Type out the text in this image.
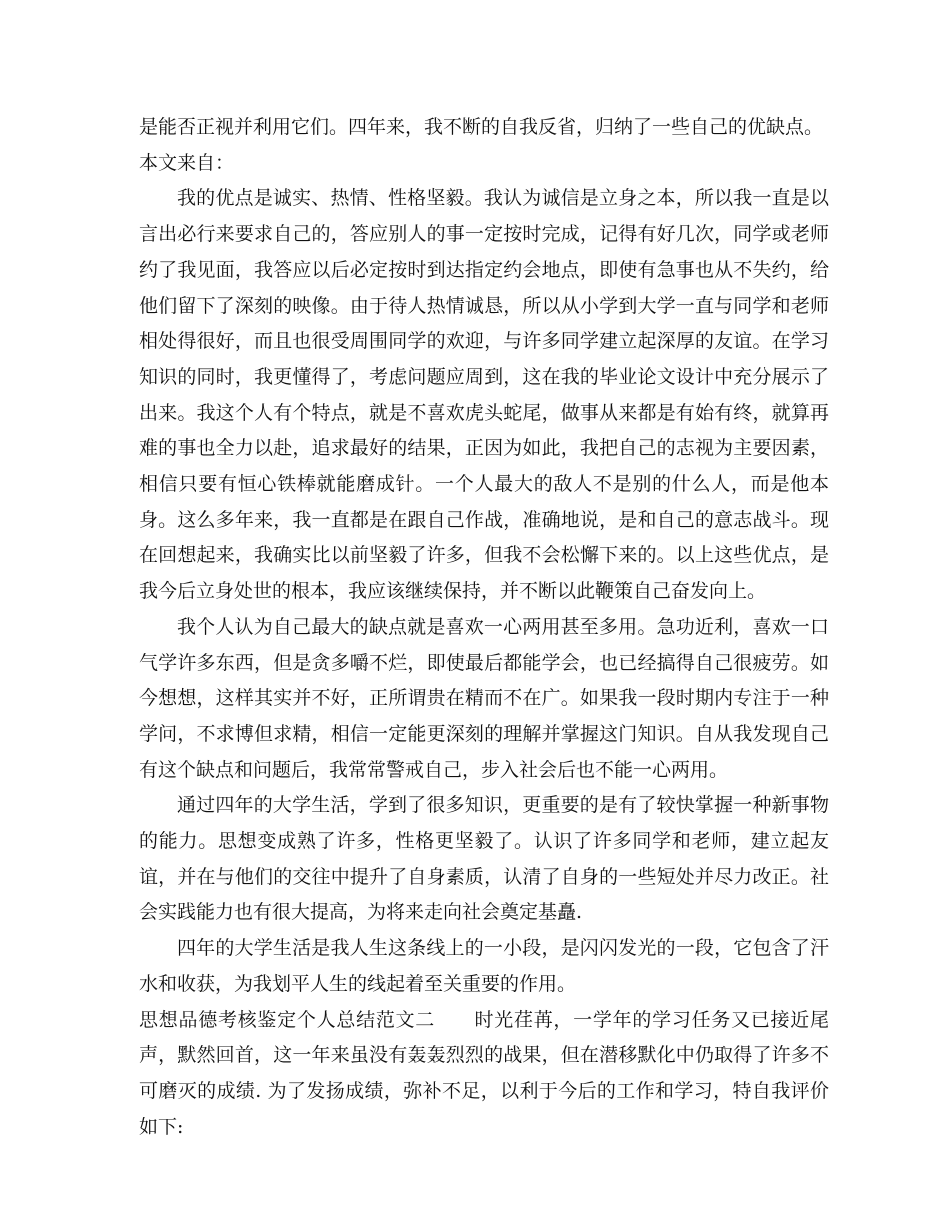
是能否正视并利用它们。四年来，我不断的自我反省，归纳了一些自己的优缺点。

本文来自：

我的优点是诚实、热情、性格坚毅。我认为诚信是立身之本，所以我一直是以言出必行来要求自己的，答应别人的事一定按时完成，记得有好几次，同学或老师约了我见面，我答应以后必定按时到达指定约会地点，即使有急事也从不失约，给他们留下了深刻的映像。由于待人热情诚恳，所以从小学到大学一直与同学和老师相处得很好，而且也很受周围同学的欢迎，与许多同学建立起深厚的友谊。在学习知识的同时，我更懂得了，考虑问题应周到，这在我的毕业论文设计中充分展示了出来。我这个人有个特点，就是不喜欢虎头蛇尾，做事从来都是有始有终，就算再难的事也全力以赴，追求最好的结果，正因为如此，我把自己的志视为主要因素，相信只要有恒心铁棒就能磨成针。一个人最大的敌人不是别的什么人，而是他本身。这么多年来，我一直都是在跟自己作战，准确地说，是和自己的意志战斗。现在回想起来，我确实比以前坚毅了许多，但我不会松懈下来的。以上这些优点，是我今后立身处世的根本，我应该继续保持，并不断以此鞭策自己奋发向上。

我个人认为自己最大的缺点就是喜欢一心两用甚至多用。急功近利，喜欢一口气学许多东西，但是贪多嚼不烂，即使最后都能学会，也已经搞得自己很疲劳。如今想想，这样其实并不好，正所谓贵在精而不在广。如果我一段时期内专注于一种学问，不求博但求精，相信一定能更深刻的理解并掌握这门知识。自从我发现自己有这个缺点和问题后，我常常警戒自己，步入社会后也不能一心两用。

通过四年的大学生活，学到了很多知识，更重要的是有了较快掌握一种新事物的能力。思想变成熟了许多，性格更坚毅了。认识了许多同学和老师，建立起友谊，并在与他们的交往中提升了自身素质，认清了自身的一些短处并尽力改正。社会实践能力也有很大提高，为将来走向社会奠定基矗.

四年的大学生活是我人生这条线上的一小段，是闪闪发光的一段，它包含了汗水和收获，为我划平人生的线起着至关重要的作用。

思想品德考核鉴定个人总结范文二　　时光荏苒，一学年的学习任务又已接近尾声，默然回首，这一年来虽没有轰轰烈烈的战果，但在潜移默化中仍取得了许多不可磨灭的成绩. 为了发扬成绩，弥补不足，以利于今后的工作和学习，特自我评价如下:
